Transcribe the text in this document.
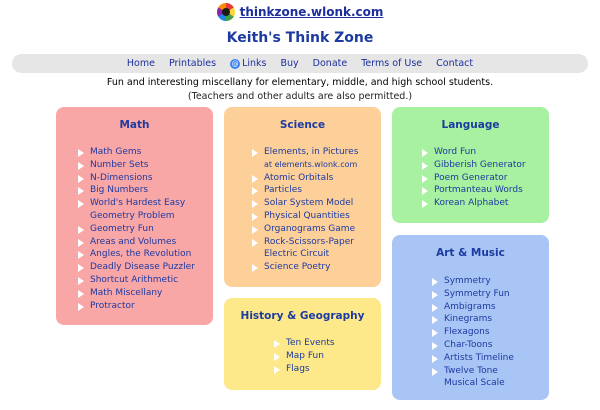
thinkzone.wlonk.com
Keith's Think Zone
Home Printables @ Links Buy Donate Terms of Use Contact
Fun and interesting miscellany for elementary, middle, and high school students.
(Teachers and other adults are also permitted.)
Math
Math Gems
Number Sets
N-Dimensions
Big Numbers
World's Hardest Easy
Geometry Problem
Geometry Fun
Areas and Volumes
Angles, the Revolution
Deadly Disease Puzzler
Shortcut Arithmetic
Math Miscellany
Protractor
Science
Elements, in Pictures
at elements.wlonk.com
Atomic Orbitals
Particles
Solar System Model
Physical Quantities
Organograms Game
Rock-Scissors-Paper
Electric Circuit
Science Poetry
Language
Word Fun
Gibberish Generator
Poem Generator
Portmanteau Words
Korean Alphabet
History & Geography
Ten Events
Map Fun
Flags
Art & Music
Symmetry
Symmetry Fun
Ambigrams
Kinegrams
Flexagons
Char-Toons
Artists Timeline
Twelve Tone
Musical Scale
